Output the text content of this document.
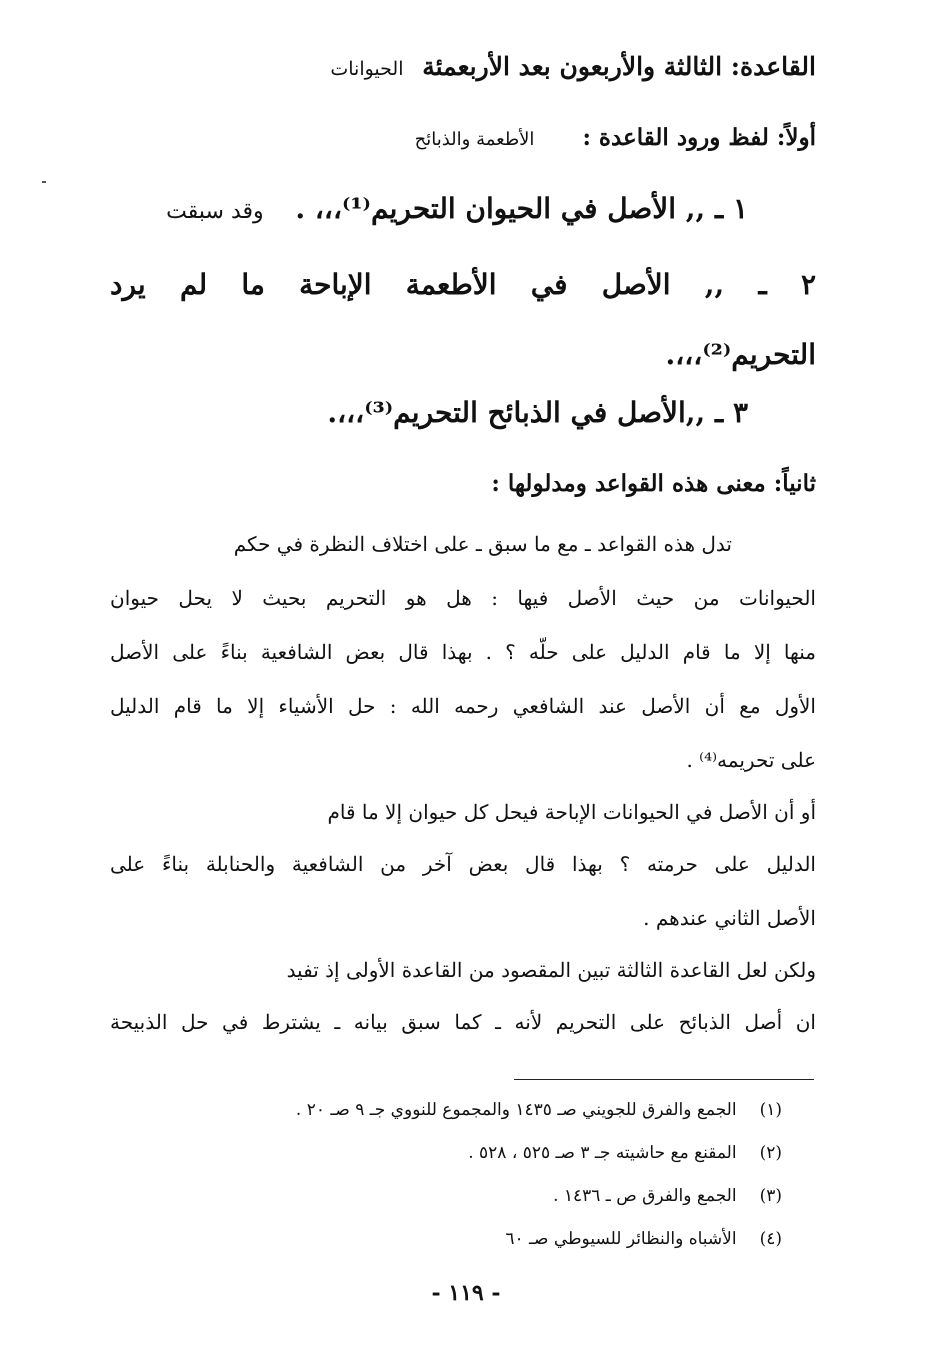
القاعدة: الثالثة والأربعون بعد الأربعمئة الحيوانات
أولاً: لفظ ورود القاعدة : الأطعمة والذبائح
١ ـ ,, الأصل في الحيوان التحريم⁽¹⁾،،، . وقد سبقت
٢ ـ ,, الأصل في الأطعمة الإباحة ما لم يرد
التحريم⁽²⁾،،،.
٣ ـ ,,الأصل في الذبائح التحريم⁽³⁾،،،.
ثانياً: معنى هذه القواعد ومدلولها :
تدل هذه القواعد ـ مع ما سبق ـ على اختلاف النظرة في حكم
الحيوانات من حيث الأصل فيها : هل هو التحريم بحيث لا يحل حيوان
منها إلا ما قام الدليل على حلّه ؟ . بهذا قال بعض الشافعية بناءً على الأصل
الأول مع أن الأصل عند الشافعي رحمه الله : حل الأشياء إلا ما قام الدليل
على تحريمه⁽⁴⁾ .
أو أن الأصل في الحيوانات الإباحة فيحل كل حيوان إلا ما قام
الدليل على حرمته ؟ بهذا قال بعض آخر من الشافعية والحنابلة بناءً على
الأصل الثاني عندهم .
ولكن لعل القاعدة الثالثة تبين المقصود من القاعدة الأولى إذ تفيد
ان أصل الذبائح على التحريم لأنه ـ كما سبق بيانه ـ يشترط في حل الذبيحة
(١) الجمع والفرق للجويني صـ ١٤٣٥ والمجموع للنووي جـ ٩ صـ ٢٠ .
(٢) المقنع مع حاشيته جـ ٣ صـ ٥٢٥ ، ٥٢٨ .
(٣) الجمع والفرق ص ـ ١٤٣٦ .
(٤) الأشباه والنظائر للسيوطي صـ ٦٠
- ١١٩ -
